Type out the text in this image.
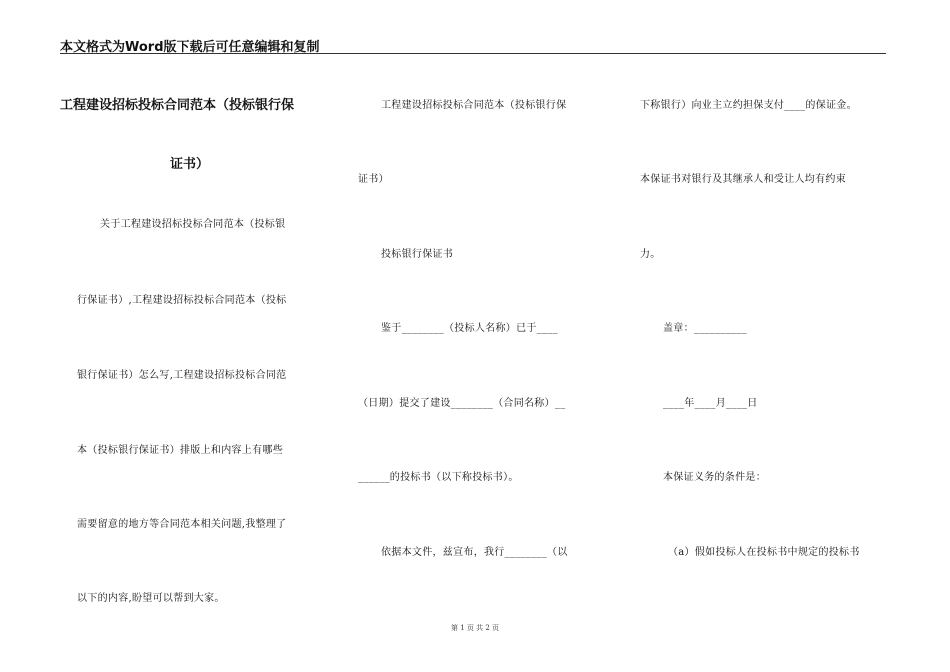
本文格式为Word版下载后可任意编辑和复制
工程建设招标投标合同范本（投标银行保
证书）
关于工程建设招标投标合同范本（投标银
行保证书）,工程建设招标投标合同范本（投标
银行保证书）怎么写,工程建设招标投标合同范
本（投标银行保证书）排版上和内容上有哪些
需要留意的地方等合同范本相关问题,我整理了
以下的内容,盼望可以帮到大家。
工程建设招标投标合同范本（投标银行保
证书）
投标银行保证书
鉴于________（投标人名称）已于____
（日期）提交了建设________（合同名称）__
______的投标书（以下称投标书）。
依据本文件，兹宣布，我行________（以
下称银行）向业主立约担保支付____的保证金。
本保证书对银行及其继承人和受让人均有约束
力。
盖章：__________
____年____月____日
本保证义务的条件是：
（a）假如投标人在投标书中规定的投标书
第 1 页 共 2 页
